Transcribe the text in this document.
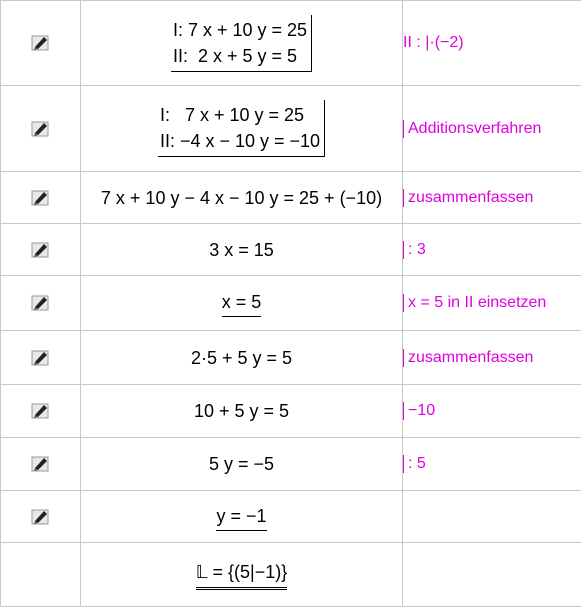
I: 7 x + 10 y = 25
II:  2 x + 5 y = 5	II : |·(−2)

I:   7 x + 10 y = 25
II: −4 x − 10 y = −10	Additionsverfahren
	7 x + 10 y − 4 x − 10 y = 25 + (−10)	zusammenfassen
	3 x = 15	: 3
	x = 5	x = 5 in II einsetzen
	2·5 + 5 y = 5	zusammenfassen
	10 + 5 y = 5	−10
	5 y = −5	: 5
	y = −1	
	𝕃 = {(5|−1)}	
